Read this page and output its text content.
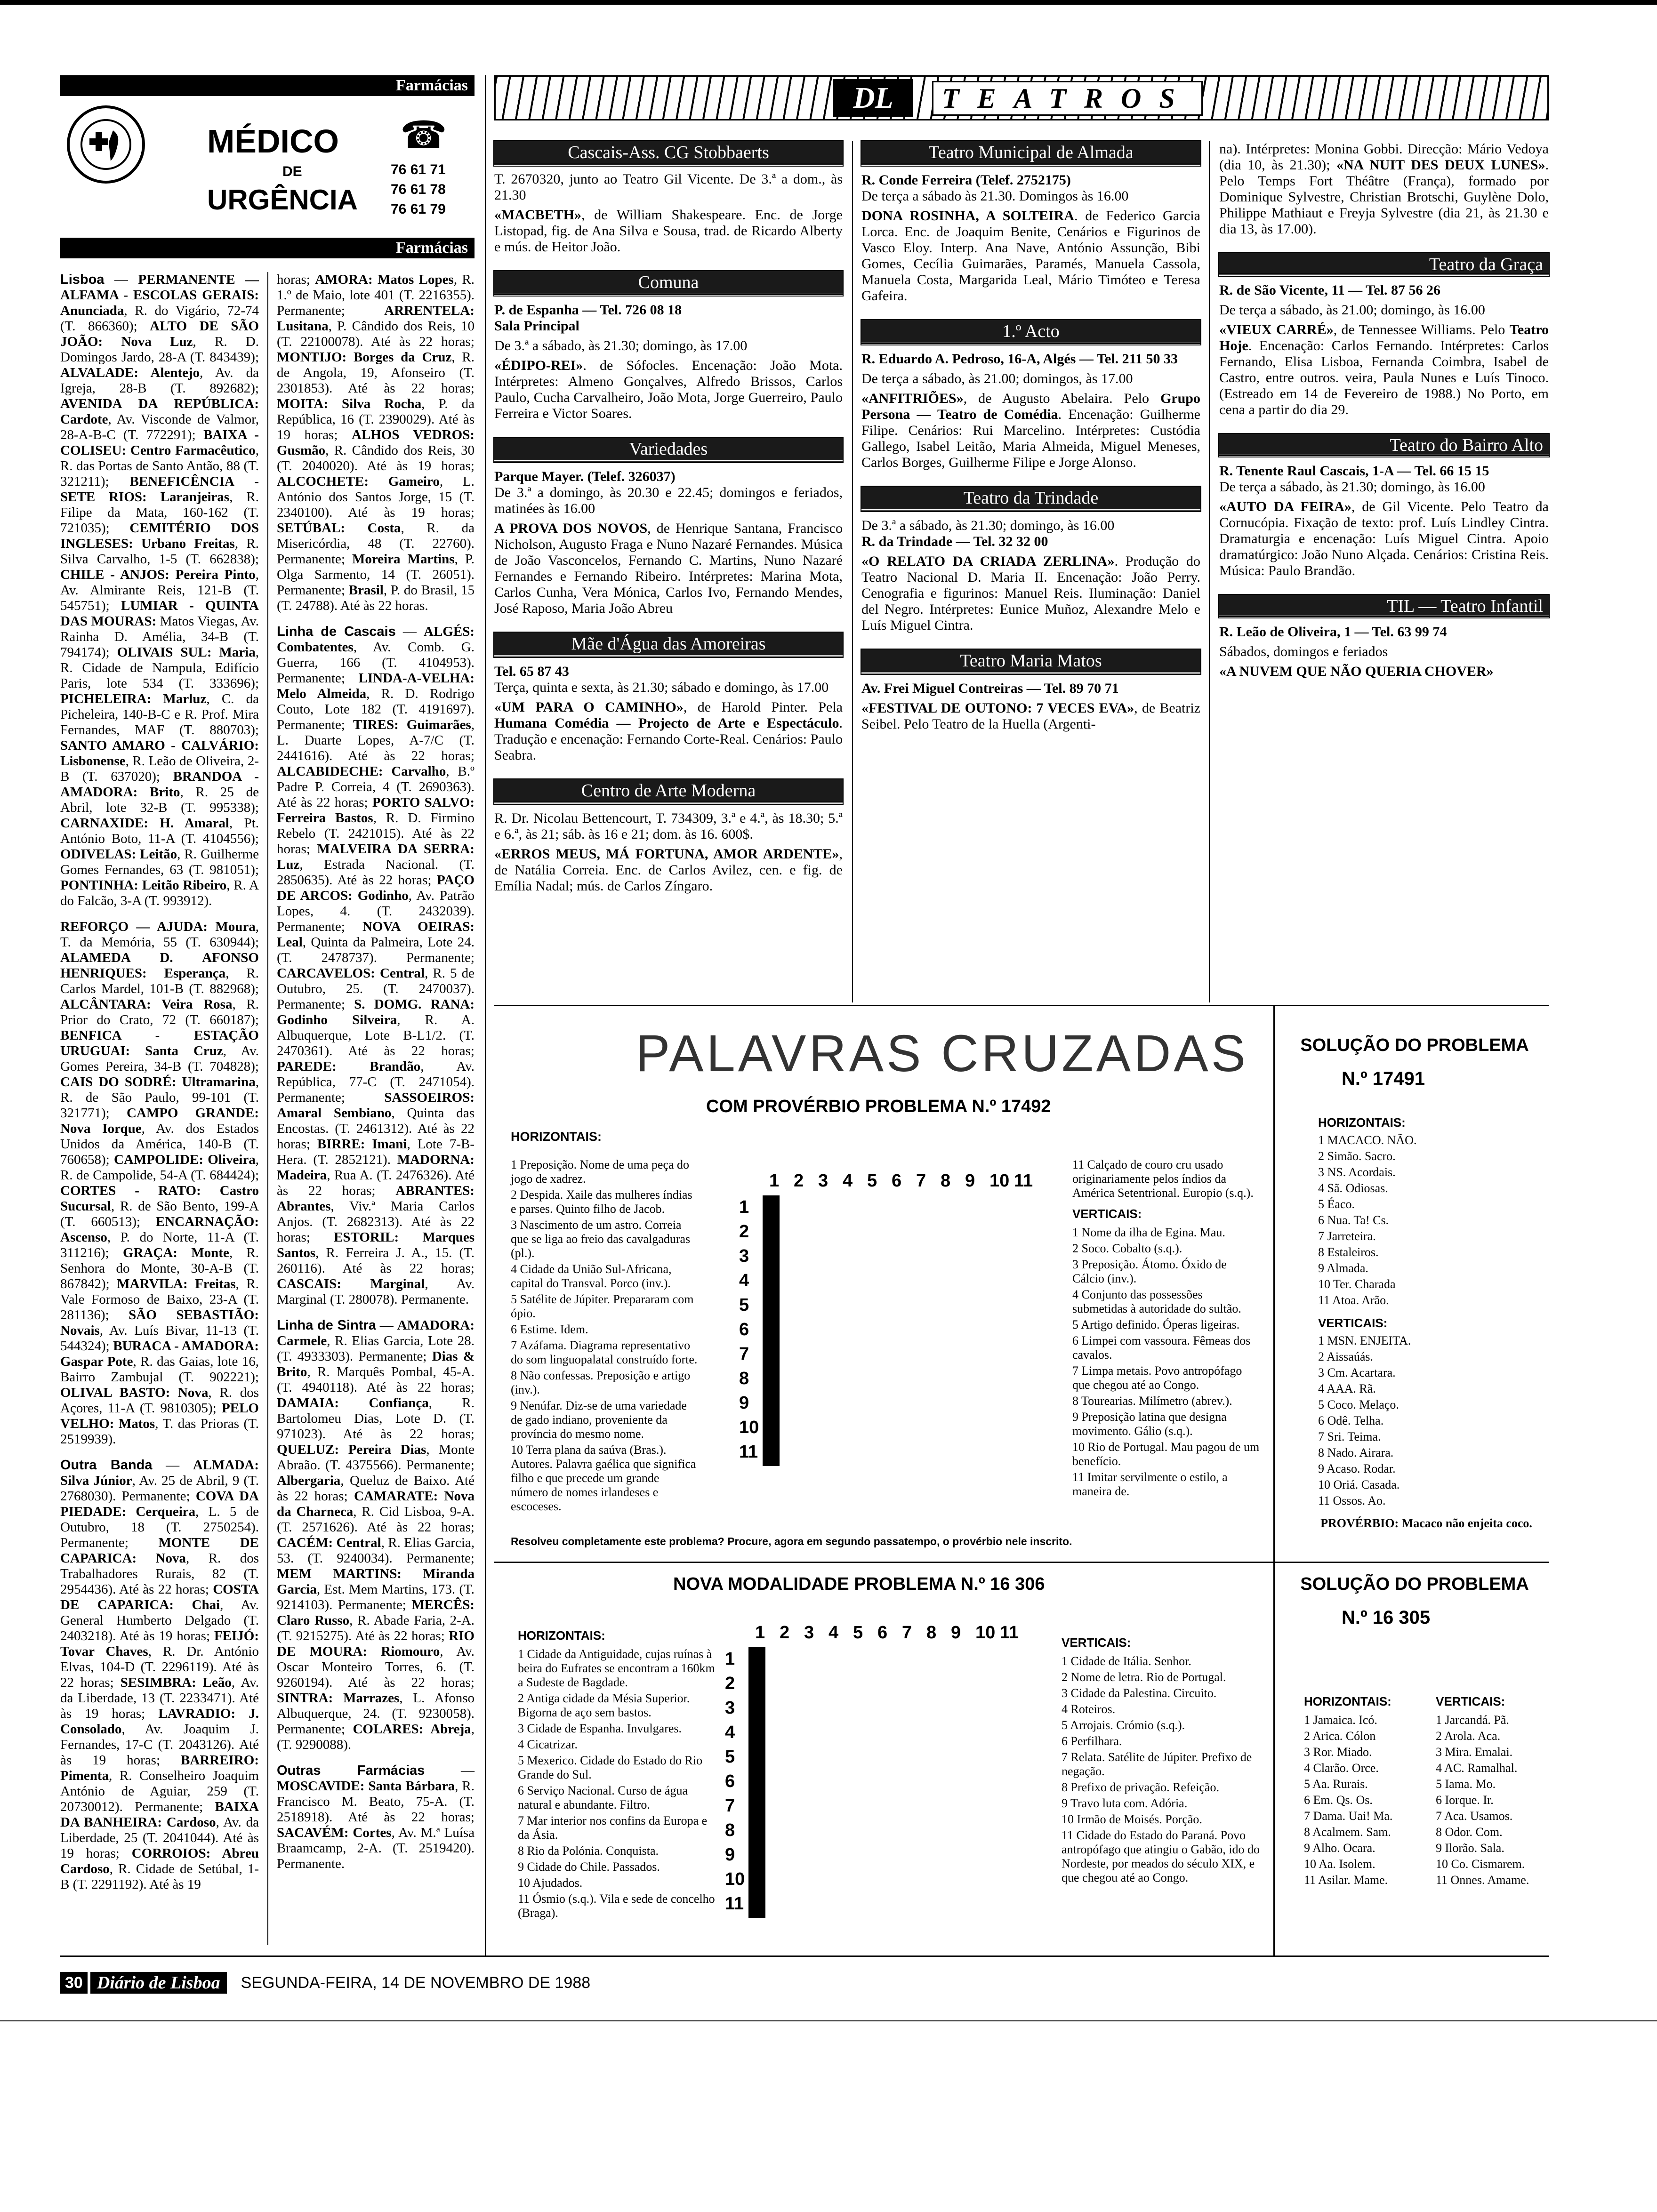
Farmácias
MÉDICO
DE
URGÊNCIA
☎
76 61 71
76 61 78
76 61 79
Farmácias

Lisboa — PERMANENTE — ALFAMA - ESCOLAS GERAIS: Anunciada, R. do Vigário, 72-74 (T. 866360); ALTO DE SÃO JOÃO: Nova Luz, R. D. Domingos Jardo, 28-A (T. 843439); ALVALADE: Alentejo, Av. da Igreja, 28-B (T. 892682); AVENIDA DA REPÚBLICA: Cardote, Av. Visconde de Valmor, 28-A-B-C (T. 772291); BAIXA - COLISEU: Centro Farmacêutico, R. das Portas de Santo Antão, 88 (T. 321211); BENEFICÊNCIA - SETE RIOS: Laranjeiras, R. Filipe da Mata, 160-162 (T. 721035); CEMITÉRIO DOS INGLESES: Urbano Freitas, R. Silva Carvalho, 1-5 (T. 662838); CHILE - ANJOS: Pereira Pinto, Av. Almirante Reis, 121-B (T. 545751); LUMIAR - QUINTA DAS MOURAS: Matos Viegas, Av. Rainha D. Amélia, 34-B (T. 794174); OLIVAIS SUL: Maria, R. Cidade de Nampula, Edifício Paris, lote 534 (T. 333696); PICHELEIRA: Marluz, C. da Picheleira, 140-B-C e R. Prof. Mira Fernandes, MAF (T. 880703); SANTO AMARO - CALVÁRIO: Lisbonense, R. Leão de Oliveira, 2-B (T. 637020); BRANDOA - AMADORA: Brito, R. 25 de Abril, lote 32-B (T. 995338); CARNAXIDE: H. Amaral, Pt. António Boto, 11-A (T. 4104556); ODIVELAS: Leitão, R. Guilherme Gomes Fernandes, 63 (T. 981051); PONTINHA: Leitão Ribeiro, R. A do Falcão, 3-A (T. 993912).

REFORÇO — AJUDA: Moura, T. da Memória, 55 (T. 630944); ALAMEDA D. AFONSO HENRIQUES: Esperança, R. Carlos Mardel, 101-B (T. 882968); ALCÂNTARA: Veira Rosa, R. Prior do Crato, 72 (T. 660187); BENFICA - ESTAÇÃO URUGUAI: Santa Cruz, Av. Gomes Pereira, 34-B (T. 704828); CAIS DO SODRÉ: Ultramarina, R. de São Paulo, 99-101 (T. 321771); CAMPO GRANDE: Nova Iorque, Av. dos Estados Unidos da América, 140-B (T. 760658); CAMPOLIDE: Oliveira, R. de Campolide, 54-A (T. 684424); CORTES - RATO: Castro Sucursal, R. de São Bento, 199-A (T. 660513); ENCARNAÇÃO: Ascenso, P. do Norte, 11-A (T. 311216); GRAÇA: Monte, R. Senhora do Monte, 30-A-B (T. 867842); MARVILA: Freitas, R. Vale Formoso de Baixo, 23-A (T. 281136); SÃO SEBASTIÃO: Novais, Av. Luís Bivar, 11-13 (T. 544324); BURACA - AMADORA: Gaspar Pote, R. das Gaias, lote 16, Bairro Zambujal (T. 902221); OLIVAL BASTO: Nova, R. dos Açores, 11-A (T. 9810305); PELO VELHO: Matos, T. das Prioras (T. 2519939).

Outra Banda — ALMADA: Silva Júnior, Av. 25 de Abril, 9 (T. 2768030). Permanente; COVA DA PIEDADE: Cerqueira, L. 5 de Outubro, 18 (T. 2750254). Permanente; MONTE DE CAPARICA: Nova, R. dos Trabalhadores Rurais, 82 (T. 2954436). Até às 22 horas; COSTA DE CAPARICA: Chai, Av. General Humberto Delgado (T. 2403218). Até às 19 horas; FEIJÓ: Tovar Chaves, R. Dr. António Elvas, 104-D (T. 2296119). Até às 22 horas; SESIMBRA: Leão, Av. da Liberdade, 13 (T. 2233471). Até às 19 horas; LAVRADIO: J. Consolado, Av. Joaquim J. Fernandes, 17-C (T. 2043126). Até às 19 horas; BARREIRO: Pimenta, R. Conselheiro Joaquim António de Aguiar, 259 (T. 20730012). Permanente; BAIXA DA BANHEIRA: Cardoso, Av. da Liberdade, 25 (T. 2041044). Até às 19 horas; CORROIOS: Abreu Cardoso, R. Cidade de Setúbal, 1-B (T. 2291192). Até às 19

horas; AMORA: Matos Lopes, R. 1.º de Maio, lote 401 (T. 2216355). Permanente; ARRENTELA: Lusitana, P. Cândido dos Reis, 10 (T. 22100078). Até às 22 horas; MONTIJO: Borges da Cruz, R. de Angola, 19, Afonseiro (T. 2301853). Até às 22 horas; MOITA: Silva Rocha, P. da República, 16 (T. 2390029). Até às 19 horas; ALHOS VEDROS: Gusmão, R. Cândido dos Reis, 30 (T. 2040020). Até às 19 horas; ALCOCHETE: Gameiro, L. António dos Santos Jorge, 15 (T. 2340100). Até às 19 horas; SETÚBAL: Costa, R. da Misericórdia, 48 (T. 22760). Permanente; Moreira Martins, P. Olga Sarmento, 14 (T. 26051). Permanente; Brasil, P. do Brasil, 15 (T. 24788). Até às 22 horas.

Linha de Cascais — ALGÉS: Combatentes, Av. Comb. G. Guerra, 166 (T. 4104953). Permanente; LINDA-A-VELHA: Melo Almeida, R. D. Rodrigo Couto, Lote 182 (T. 4191697). Permanente; TIRES: Guimarães, L. Duarte Lopes, A-7/C (T. 2441616). Até às 22 horas; ALCABIDECHE: Carvalho, B.º Padre P. Correia, 4 (T. 2690363). Até às 22 horas; PORTO SALVO: Ferreira Bastos, R. D. Firmino Rebelo (T. 2421015). Até às 22 horas; MALVEIRA DA SERRA: Luz, Estrada Nacional. (T. 2850635). Até às 22 horas; PAÇO DE ARCOS: Godinho, Av. Patrão Lopes, 4. (T. 2432039). Permanente; NOVA OEIRAS: Leal, Quinta da Palmeira, Lote 24. (T. 2478737). Permanente; CARCAVELOS: Central, R. 5 de Outubro, 25. (T. 2470037). Permanente; S. DOMG. RANA: Godinho Silveira, R. A. Albuquerque, Lote B-L1/2. (T. 2470361). Até às 22 horas; PAREDE: Brandão, Av. República, 77-C (T. 2471054). Permanente; SASSOEIROS: Amaral Sembiano, Quinta das Encostas. (T. 2461312). Até às 22 horas; BIRRE: Imani, Lote 7-B-Hera. (T. 2852121). MADORNA: Madeira, Rua A. (T. 2476326). Até às 22 horas; ABRANTES: Abrantes, Viv.ª Maria Carlos Anjos. (T. 2682313). Até às 22 horas; ESTORIL: Marques Santos, R. Ferreira J. A., 15. (T. 260116). Até às 22 horas; CASCAIS: Marginal, Av. Marginal (T. 280078). Permanente.

Linha de Sintra — AMADORA: Carmele, R. Elias Garcia, Lote 28.(T. 4933303). Permanente; Dias & Brito, R. Marquês Pombal, 45-A. (T. 4940118). Até às 22 horas; DAMAIA: Confiança, R. Bartolomeu Dias, Lote D. (T. 971023). Até às 22 horas; QUELUZ: Pereira Dias, Monte Abraão. (T. 4375566). Permanente; Albergaria, Queluz de Baixo. Até às 22 horas; CAMARATE: Nova da Charneca, R. Cid Lisboa, 9-A. (T. 2571626). Até às 22 horas; CACÉM: Central, R. Elias Garcia, 53. (T. 9240034). Permanente; MEM MARTINS: Miranda Garcia, Est. Mem Martins, 173. (T. 9214103). Permanente; MERCÊS: Claro Russo, R. Abade Faria, 2-A. (T. 9215275). Até às 22 horas; RIO DE MOURA: Riomouro, Av. Oscar Monteiro Torres, 6. (T. 9260194). Até às 22 horas; SINTRA: Marrazes, L. Afonso Albuquerque, 24. (T. 9230058). Permanente; COLARES: Abreja, (T. 9290088).

Outras Farmácias — MOSCAVIDE: Santa Bárbara, R. Francisco M. Beato, 75-A. (T. 2518918). Até às 22 horas; SACAVÉM: Cortes, Av. M.ª Luísa Braamcamp, 2-A. (T. 2519420). Permanente.

DL	TEATROS
Cascais-Ass. CG Stobbaerts

T. 2670320, junto ao Teatro Gil Vicente. De 3.ª a dom., às 21.30

«MACBETH», de William Shakespeare. Enc. de Jorge Listopad, fig. de Ana Silva e Sousa, trad. de Ricardo Alberty e mús. de Heitor João.

Comuna

P. de Espanha — Tel. 726 08 18
Sala Principal

De 3.ª a sábado, às 21.30; domingo, às 17.00

«ÉDIPO-REI». de Sófocles. Encenação: João Mota. Intérpretes: Almeno Gonçalves, Alfredo Brissos, Carlos Paulo, Cucha Carvalheiro, João Mota, Jorge Guerreiro, Paulo Ferreira e Victor Soares.

Variedades

Parque Mayer. (Telef. 326037)
De 3.ª a domingo, às 20.30 e 22.45; domingos e feriados, matinées às 16.00

A PROVA DOS NOVOS, de Henrique Santana, Francisco Nicholson, Augusto Fraga e Nuno Nazaré Fernandes. Música de João Vasconcelos, Fernando C. Martins, Nuno Nazaré Fernandes e Fernando Ribeiro. Intérpretes: Marina Mota, Carlos Cunha, Vera Mónica, Carlos Ivo, Fernando Mendes, José Raposo, Maria João Abreu

Mãe d'Água das Amoreiras

Tel. 65 87 43
Terça, quinta e sexta, às 21.30; sábado e domingo, às 17.00

«UM PARA O CAMINHO», de Harold Pinter. Pela Humana Comédia — Projecto de Arte e Espectáculo. Tradução e encenação: Fernando Corte-Real. Cenários: Paulo Seabra.

Centro de Arte Moderna

R. Dr. Nicolau Bettencourt, T. 734309, 3.ª e 4.ª, às 18.30; 5.ª e 6.ª, às 21; sáb. às 16 e 21; dom. às 16. 600$.

«ERROS MEUS, MÁ FORTUNA, AMOR ARDENTE», de Natália Correia. Enc. de Carlos Avilez, cen. e fig. de Emília Nadal; mús. de Carlos Zíngaro.

Teatro Municipal de Almada

R. Conde Ferreira (Telef. 2752175)
De terça a sábado às 21.30. Domingos às 16.00

DONA ROSINHA, A SOLTEIRA. de Federico Garcia Lorca. Enc. de Joaquim Benite, Cenários e Figurinos de Vasco Eloy. Interp. Ana Nave, António Assunção, Bibi Gomes, Cecília Guimarães, Paramés, Manuela Cassola, Manuela Costa, Margarida Leal, Mário Timóteo e Teresa Gafeira.

1.º Acto

R. Eduardo A. Pedroso, 16-A, Algés — Tel. 211 50 33

De terça a sábado, às 21.00; domingos, às 17.00

«ANFITRIÕES», de Augusto Abelaira. Pelo Grupo Persona — Teatro de Comédia. Encenação: Guilherme Filipe. Cenários: Rui Marcelino. Intérpretes: Custódia Gallego, Isabel Leitão, Maria Almeida, Miguel Meneses, Carlos Borges, Guilherme Filipe e Jorge Alonso.

Teatro da Trindade

De 3.ª a sábado, às 21.30; domingo, às 16.00
R. da Trindade — Tel. 32 32 00

«O RELATO DA CRIADA ZERLINA». Produção do Teatro Nacional D. Maria II. Encenação: João Perry. Cenografia e figurinos: Manuel Reis. Iluminação: Daniel del Negro. Intérpretes: Eunice Muñoz, Alexandre Melo e Luís Miguel Cintra.

Teatro Maria Matos

Av. Frei Miguel Contreiras — Tel. 89 70 71

«FESTIVAL DE OUTONO: 7 VECES EVA», de Beatriz Seibel. Pelo Teatro de la Huella (Argenti-

na). Intérpretes: Monina Gobbi. Direcção: Mário Vedoya (dia 10, às 21.30); «NA NUIT DES DEUX LUNES». Pelo Temps Fort Théâtre (França), formado por Dominique Sylvestre, Christian Brotschi, Guylène Dolo, Philippe Mathiaut e Freyja Sylvestre (dia 21, às 21.30 e dia 13, às 17.00).

Teatro da Graça

R. de São Vicente, 11 — Tel. 87 56 26

De terça a sábado, às 21.00; domingo, às 16.00

«VIEUX CARRÉ», de Tennessee Williams. Pelo Teatro Hoje. Encenação: Carlos Fernando. Intérpretes: Carlos Fernando, Elisa Lisboa, Fernanda Coimbra, Isabel de Castro, entre outros. veira, Paula Nunes e Luís Tinoco. (Estreado em 14 de Fevereiro de 1988.) No Porto, em cena a partir do dia 29.

Teatro do Bairro Alto

R. Tenente Raul Cascais, 1-A — Tel. 66 15 15
De terça a sábado, às 21.30; domingo, às 16.00

«AUTO DA FEIRA», de Gil Vicente. Pelo Teatro da Cornucópia. Fixação de texto: prof. Luís Lindley Cintra. Dramaturgia e encenação: Luís Miguel Cintra. Apoio dramatúrgico: João Nuno Alçada. Cenários: Cristina Reis. Música: Paulo Brandão.

TIL — Teatro Infantil

R. Leão de Oliveira, 1 — Tel. 63 99 74

Sábados, domingos e feriados

«A NUVEM QUE NÃO QUERIA CHOVER»

PALAVRAS CRUZADAS
COM PROVÉRBIO PROBLEMA N.º 17492
HORIZONTAIS:

1 Preposição. Nome de uma peça do jogo de xadrez.

2 Despida. Xaile das mulheres índias e parses. Quinto filho de Jacob.

3 Nascimento de um astro. Correia que se liga ao freio das cavalgaduras (pl.).

4 Cidade da União Sul-Africana, capital do Transval. Porco (inv.).

5 Satélite de Júpiter. Prepararam com ópio.

6 Estime. Idem.

7 Azáfama. Diagrama representativo do som linguopalatal construído forte.

8 Não confessas. Preposição e artigo (inv.).

9 Nenúfar. Diz-se de uma variedade de gado indiano, proveniente da província do mesmo nome.

10 Terra plana da saúva (Bras.). Autores. Palavra gaélica que significa filho e que precede um grande número de nomes irlandeses e escoceses.

1 2 3 4 5 6 7 8 9 10 11
1
2
3
4
5
6
7
8
9
10
11

11 Calçado de couro cru usado originariamente pelos índios da América Setentrional. Europio (s.q.).

VERTICAIS:

1 Nome da ilha de Egina. Mau.

2 Soco. Cobalto (s.q.).

3 Preposição. Átomo. Óxido de Cálcio (inv.).

4 Conjunto das possessões submetidas à autoridade do sultão.

5 Artigo definido. Óperas ligeiras.

6 Limpei com vassoura. Fêmeas dos cavalos.

7 Limpa metais. Povo antropófago que chegou até ao Congo.

8 Tourearias. Milímetro (abrev.).

9 Preposição latina que designa movimento. Gálio (s.q.).

10 Rio de Portugal. Mau pagou de um benefício.

11 Imitar servilmente o estilo, a maneira de.

Resolveu completamente este problema? Procure, agora em segundo passatempo, o provérbio nele inscrito.
SOLUÇÃO DO PROBLEMA
N.º 17491
HORIZONTAIS:

1 MACACO. NÃO.

2 Simão. Sacro.

3 NS. Acordais.

4 Sã. Odiosas.

5 Éaco.

6 Nua. Ta! Cs.

7 Jarreteira.

8 Estaleiros.

9 Almada.

10 Ter. Charada

11 Atoa. Arão.

VERTICAIS:

1 MSN. ENJEITA.

2 Aissaúás.

3 Cm. Acartara.

4 AAA. Rã.

5 Coco. Melaço.

6 Odê. Telha.

7 Sri. Teima.

8 Nado. Airara.

9 Acaso. Rodar.

10 Oriá. Casada.

11 Ossos. Ao.

PROVÉRBIO: Macaco não enjeita coco.
NOVA MODALIDADE PROBLEMA N.º 16 306
HORIZONTAIS:

1 Cidade da Antiguidade, cujas ruínas à beira do Eufrates se encontram a 160km a Sudeste de Bagdade.

2 Antiga cidade da Mésia Superior. Bigorna de aço sem bastos.

3 Cidade de Espanha. Invulgares.

4 Cicatrizar.

5 Mexerico. Cidade do Estado do Rio Grande do Sul.

6 Serviço Nacional. Curso de água natural e abundante. Filtro.

7 Mar interior nos confins da Europa e da Ásia.

8 Rio da Polónia. Conquista.

9 Cidade do Chile. Passados.

10 Ajudados.

11 Ósmio (s.q.). Vila e sede de concelho (Braga).

1 2 3 4 5 6 7 8 9 10 11
1
2
3
4
5
6
7
8
9
10
11

VERTICAIS:

1 Cidade de Itália. Senhor.

2 Nome de letra. Rio de Portugal.

3 Cidade da Palestina. Circuito.

4 Roteiros.

5 Arrojais. Crómio (s.q.).

6 Perfilhara.

7 Relata. Satélite de Júpiter. Prefixo de negação.

8 Prefixo de privação. Refeição.

9 Travo luta com. Adória.

10 Irmão de Moisés. Porção.

11 Cidade do Estado do Paraná. Povo antropófago que atingiu o Gabão, ido do Nordeste, por meados do século XIX, e que chegou até ao Congo.

SOLUÇÃO DO PROBLEMA
N.º 16 305
HORIZONTAIS:

1 Jamaica. Icó.

2 Arica. Cólon

3 Ror. Miado.

4 Clarão. Orce.

5 Aa. Rurais.

6 Em. Qs. Os.

7 Dama. Uai! Ma.

8 Acalmem. Sam.

9 Alho. Ocara.

10 Aa. Isolem.

11 Asilar. Mame.

VERTICAIS:

1 Jarcandá. Pã.

2 Arola. Aca.

3 Mira. Emalai.

4 AC. Ramalhal.

5 Iama. Mo.

6 Iorque. Ir.

7 Aca. Usamos.

8 Odor. Com.

9 Ilorão. Sala.

10 Co. Cismarem.

11 Onnes. Amame.

30 Diário de Lisboa	SEGUNDA-FEIRA, 14 DE NOVEMBRO DE 1988
